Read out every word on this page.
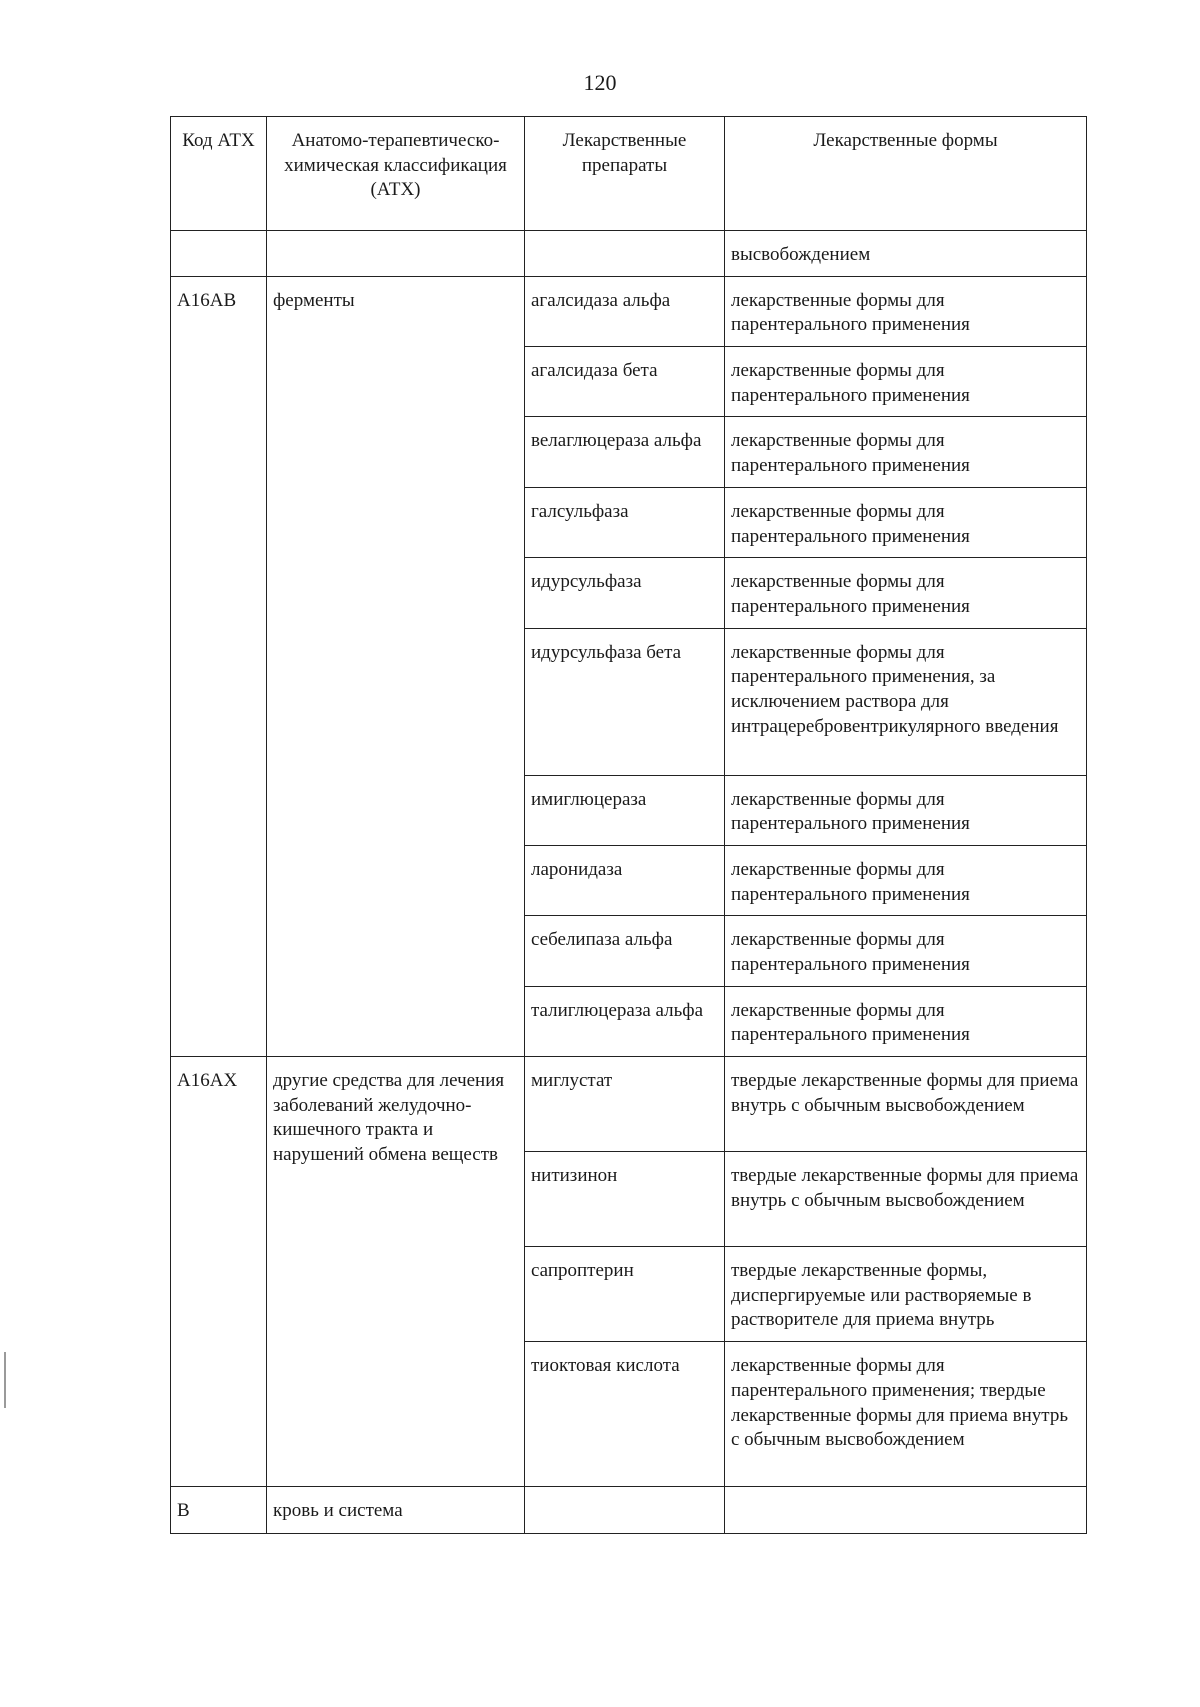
120
Код АТХ	Анатомо-терапевтическо-химическая классификация (АТХ)	Лекарственные препараты	Лекарственные формы
			высвобождением
A16AB	ферменты	агалсидаза альфа	лекарственные формы для парентерального применения
		агалсидаза бета	лекарственные формы для парентерального применения
		велаглюцераза альфа	лекарственные формы для парентерального применения
		галсульфаза	лекарственные формы для парентерального применения
		идурсульфаза	лекарственные формы для парентерального применения
		идурсульфаза бета	лекарственные формы для парентерального применения, за исключением раствора для интрацеребровентрикулярного введения
		имиглюцераза	лекарственные формы для парентерального применения
		ларонидаза	лекарственные формы для парентерального применения
		себелипаза альфа	лекарственные формы для парентерального применения
		талиглюцераза альфа	лекарственные формы для парентерального применения
A16AX	другие средства для лечения заболеваний желудочно-кишечного тракта и нарушений обмена веществ	миглустат	твердые лекарственные формы для приема внутрь с обычным высвобождением
		нитизинон	твердые лекарственные формы для приема внутрь с обычным высвобождением
		сапроптерин	твердые лекарственные формы, диспергируемые или растворяемые в растворителе для приема внутрь
		тиоктовая кислота	лекарственные формы для парентерального применения; твердые лекарственные формы для приема внутрь с обычным высвобождением
B	кровь и система		
